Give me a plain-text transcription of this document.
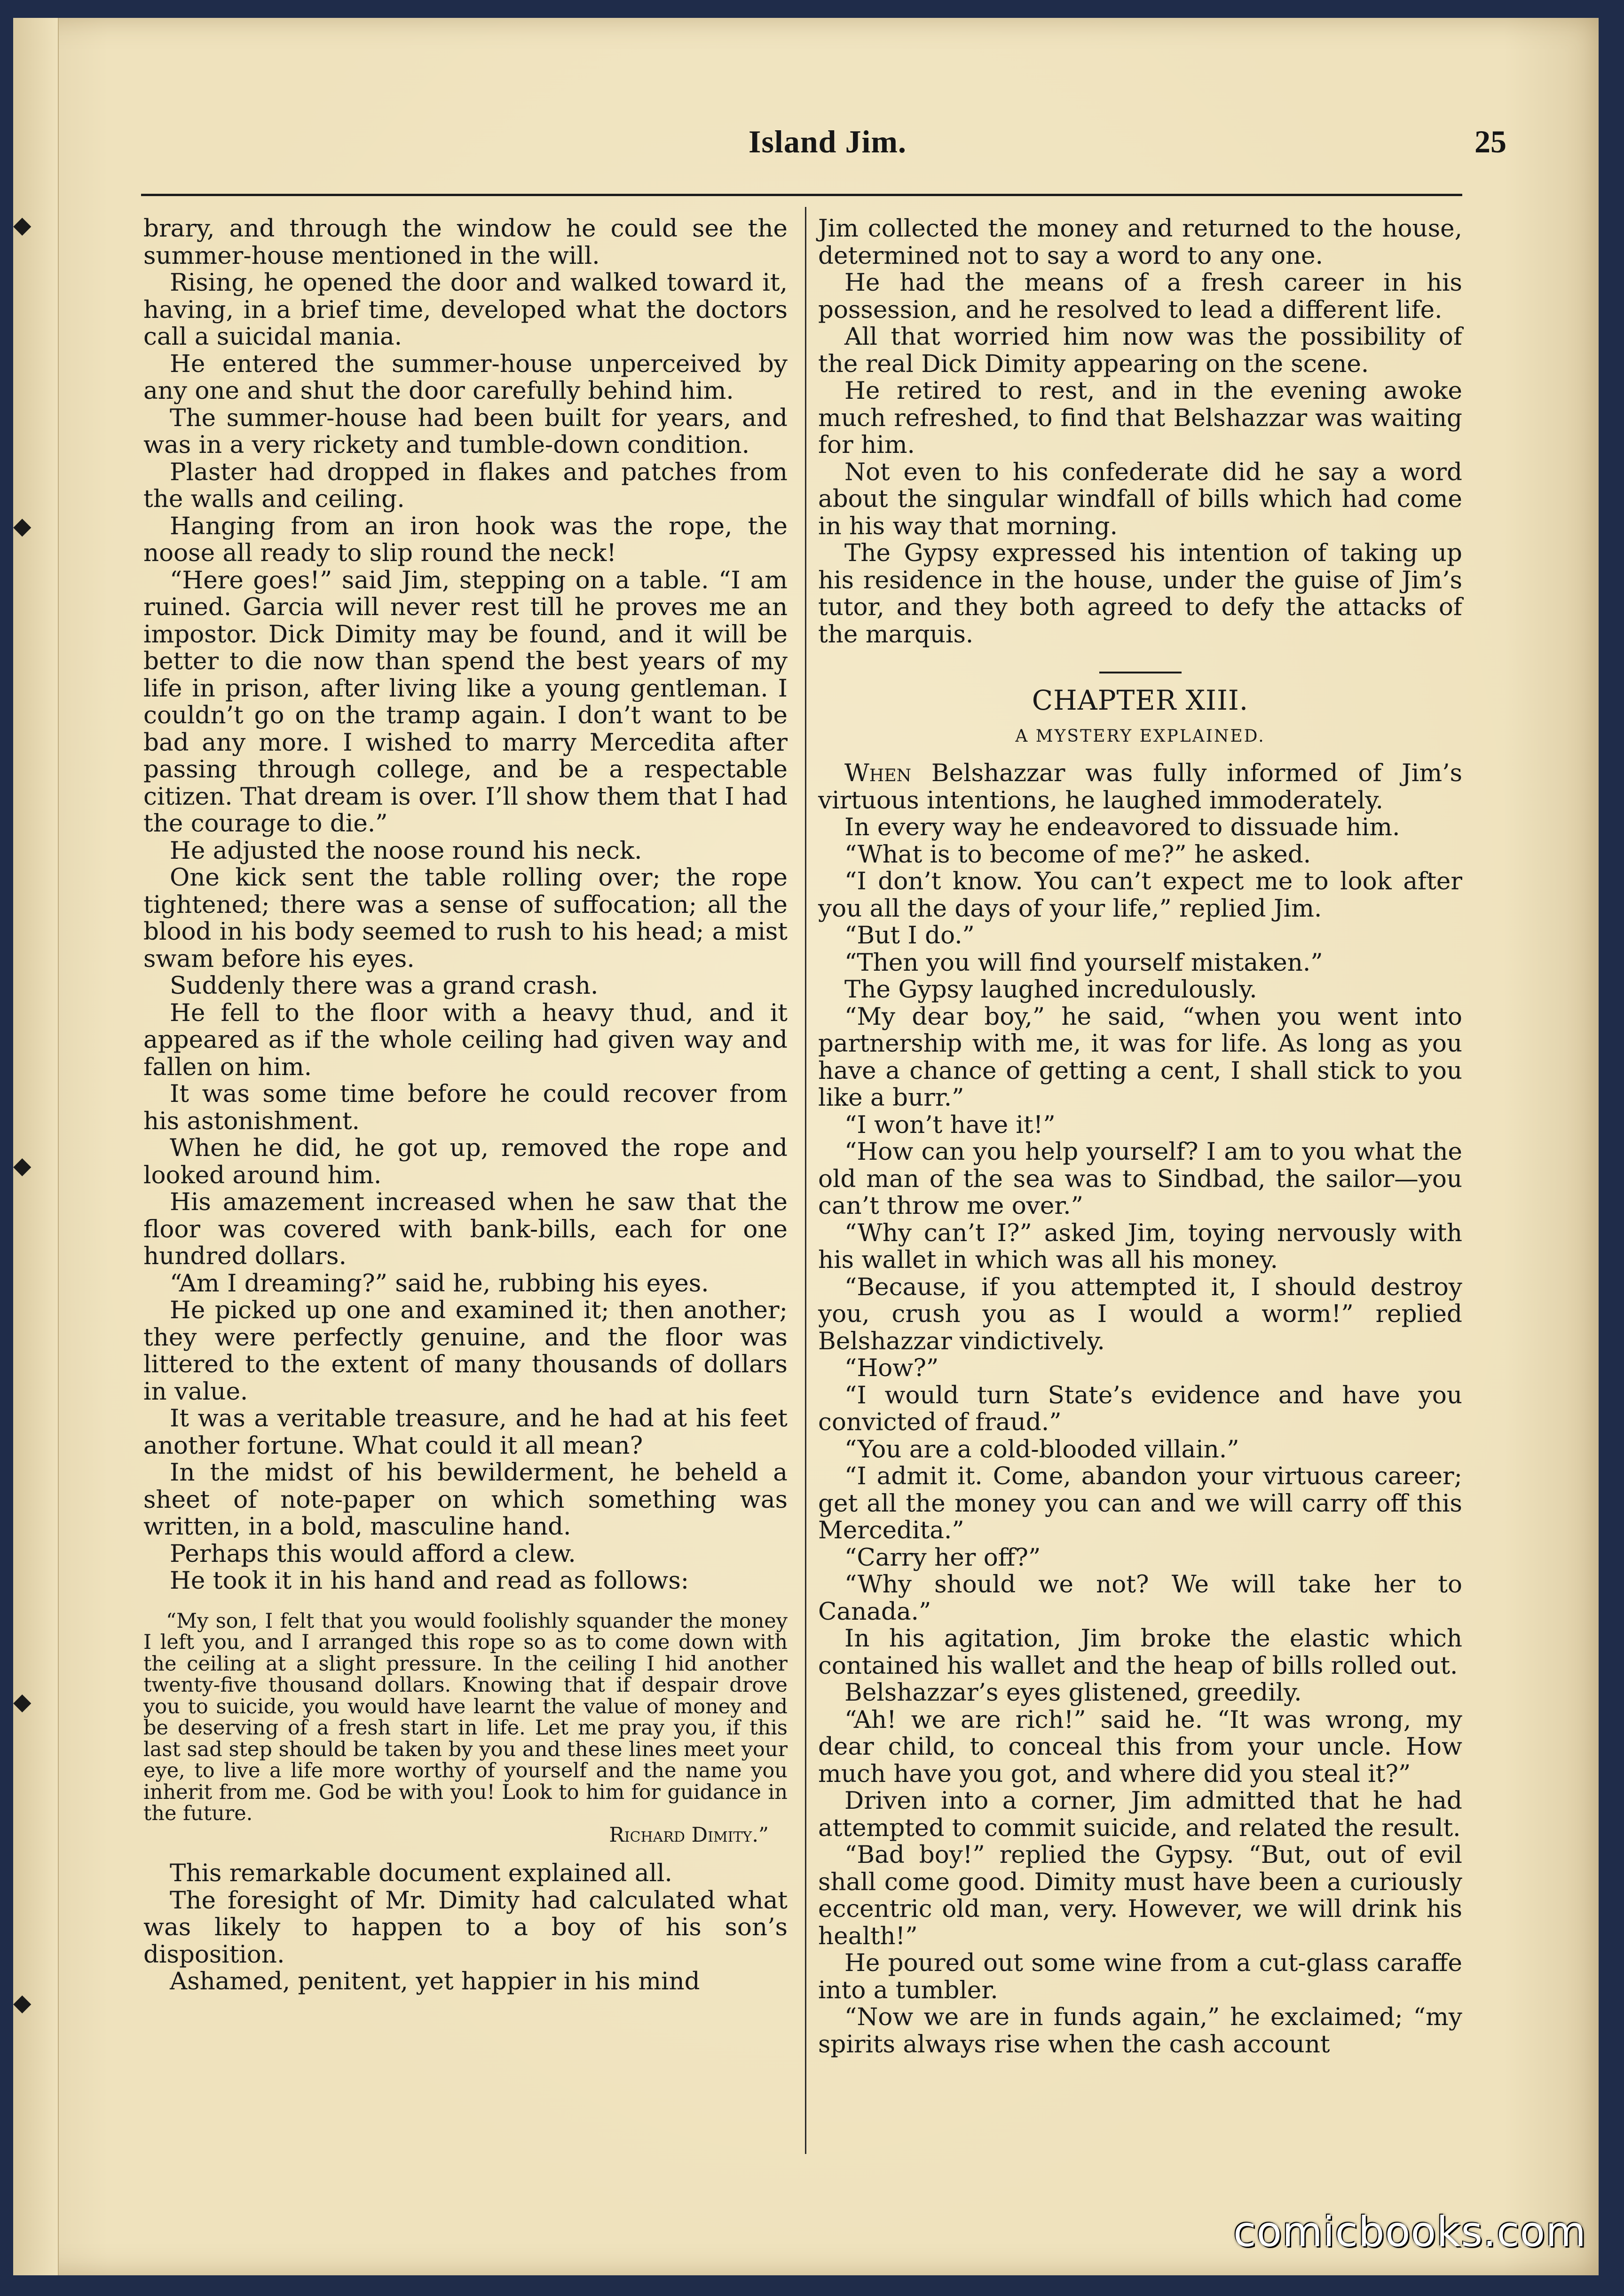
◆
◆
◆
◆
◆
Island Jim.	25

brary, and through the window he could see the summer-house mentioned in the will.

Rising, he opened the door and walked toward it, having, in a brief time, developed what the doctors call a suicidal mania.

He entered the summer-house unperceived by any one and shut the door carefully behind him.

The summer-house had been built for years, and was in a very rickety and tumble-down condition.

Plaster had dropped in flakes and patches from the walls and ceiling.

Hanging from an iron hook was the rope, the noose all ready to slip round the neck!

“Here goes!” said Jim, stepping on a table. “I am ruined. Garcia will never rest till he proves me an impostor. Dick Dimity may be found, and it will be better to die now than spend the best years of my life in prison, after living like a young gentleman. I couldn’t go on the tramp again. I don’t want to be bad any more. I wished to marry Mercedita after passing through college, and be a respectable citizen. That dream is over. I’ll show them that I had the courage to die.”

He adjusted the noose round his neck.

One kick sent the table rolling over; the rope tightened; there was a sense of suffocation; all the blood in his body seemed to rush to his head; a mist swam before his eyes.

Suddenly there was a grand crash.

He fell to the floor with a heavy thud, and it appeared as if the whole ceiling had given way and fallen on him.

It was some time before he could recover from his astonishment.

When he did, he got up, removed the rope and looked around him.

His amazement increased when he saw that the floor was covered with bank-bills, each for one hundred dollars.

“Am I dreaming?” said he, rubbing his eyes.

He picked up one and examined it; then another; they were perfectly genuine, and the floor was littered to the extent of many thousands of dollars in value.

It was a veritable treasure, and he had at his feet another fortune. What could it all mean?

In the midst of his bewilderment, he beheld a sheet of note-paper on which something was written, in a bold, masculine hand.

Perhaps this would afford a clew.

He took it in his hand and read as follows:

“My son, I felt that you would foolishly squander the money I left you, and I arranged this rope so as to come down with the ceiling at a slight pressure. In the ceiling I hid another twenty-five thousand dollars. Knowing that if despair drove you to suicide, you would have learnt the value of money and be deserving of a fresh start in life. Let me pray you, if this last sad step should be taken by you and these lines meet your eye, to live a life more worthy of yourself and the name you inherit from me. God be with you! Look to him for guidance in the future.

Richard Dimity.”

This remarkable document explained all.

The foresight of Mr. Dimity had calculated what was likely to happen to a boy of his son’s disposition.

Ashamed, penitent, yet happier in his mind

Jim collected the money and returned to the house, determined not to say a word to any one.

He had the means of a fresh career in his possession, and he resolved to lead a different life.

All that worried him now was the possibility of the real Dick Dimity appearing on the scene.

He retired to rest, and in the evening awoke much refreshed, to find that Belshazzar was waiting for him.

Not even to his confederate did he say a word about the singular windfall of bills which had come in his way that morning.

The Gypsy expressed his intention of taking up his residence in the house, under the guise of Jim’s tutor, and they both agreed to defy the attacks of the marquis.

CHAPTER XIII.
A MYSTERY EXPLAINED.

When Belshazzar was fully informed of Jim’s virtuous intentions, he laughed immoderately.

In every way he endeavored to dissuade him.

“What is to become of me?” he asked.

“I don’t know. You can’t expect me to look after you all the days of your life,” replied Jim.

“But I do.”

“Then you will find yourself mistaken.”

The Gypsy laughed incredulously.

“My dear boy,” he said, “when you went into partnership with me, it was for life. As long as you have a chance of getting a cent, I shall stick to you like a burr.”

“I won’t have it!”

“How can you help yourself? I am to you what the old man of the sea was to Sindbad, the sailor—you can’t throw me over.”

“Why can’t I?” asked Jim, toying nervously with his wallet in which was all his money.

“Because, if you attempted it, I should destroy you, crush you as I would a worm!” replied Belshazzar vindictively.

“How?”

“I would turn State’s evidence and have you convicted of fraud.”

“You are a cold-blooded villain.”

“I admit it. Come, abandon your virtuous career; get all the money you can and we will carry off this Mercedita.”

“Carry her off?”

“Why should we not? We will take her to Canada.”

In his agitation, Jim broke the elastic which contained his wallet and the heap of bills rolled out.

Belshazzar’s eyes glistened, greedily.

“Ah! we are rich!” said he. “It was wrong, my dear child, to conceal this from your uncle. How much have you got, and where did you steal it?”

Driven into a corner, Jim admitted that he had attempted to commit suicide, and related the result.

“Bad boy!” replied the Gypsy. “But, out of evil shall come good. Dimity must have been a curiously eccentric old man, very. However, we will drink his health!”

He poured out some wine from a cut-glass caraffe into a tumbler.

“Now we are in funds again,” he exclaimed; “my spirits always rise when the cash account

comicbooks.com
